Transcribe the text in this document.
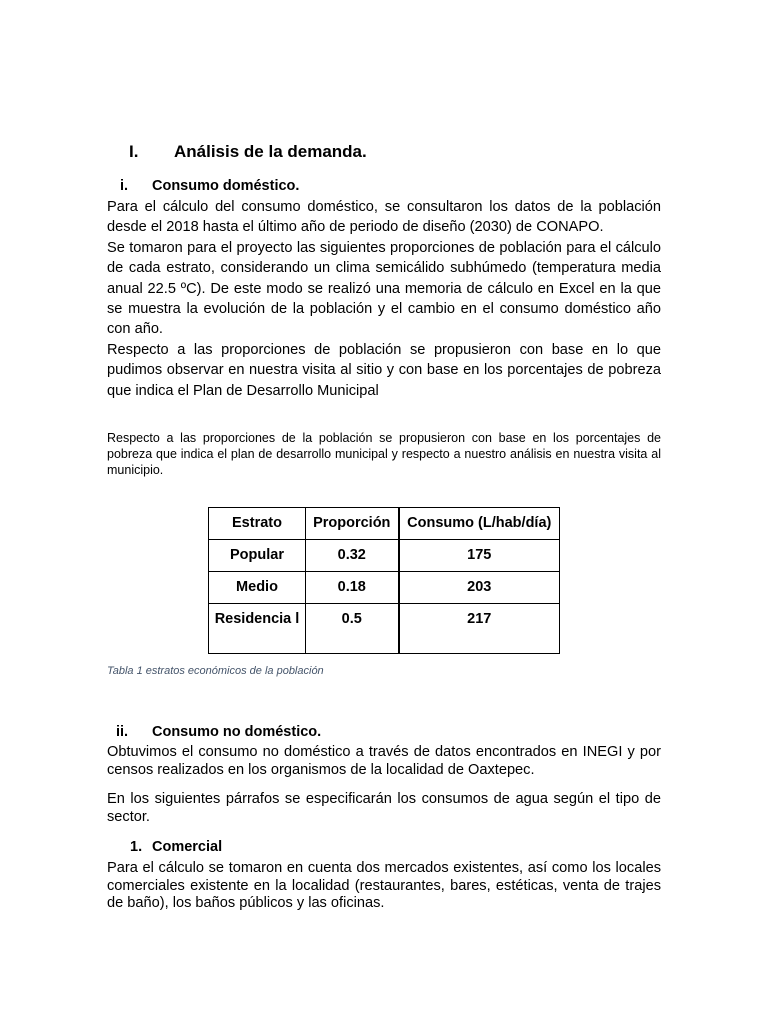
I. Análisis de la demanda.
i. Consumo doméstico.
Para el cálculo del consumo doméstico, se consultaron los datos de la población desde el 2018 hasta el último año de periodo de diseño (2030) de CONAPO.
Se tomaron para el proyecto las siguientes proporciones de población para el cálculo de cada estrato, considerando un clima semicálido subhúmedo (temperatura media anual 22.5 ºC). De este modo se realizó una memoria de cálculo en Excel en la que se muestra la evolución de la población y el cambio en el consumo doméstico año con año.
Respecto a las proporciones de población se propusieron con base en lo que pudimos observar en nuestra visita al sitio y con base en los porcentajes de pobreza que indica el Plan de Desarrollo Municipal
Respecto a las proporciones de la población se propusieron con base en los porcentajes de pobreza que indica el plan de desarrollo municipal y respecto a nuestro análisis en nuestra visita al municipio.
Estrato	Proporción	Consumo (L/hab/día)
Popular	0.32	175
Medio	0.18	203
Residencia l	0.5	217
Tabla 1 estratos económicos de la población
ii. Consumo no doméstico.
Obtuvimos el consumo no doméstico a través de datos encontrados en INEGI y por censos realizados en los organismos de la localidad de Oaxtepec.
En los siguientes párrafos se especificarán los consumos de agua según el tipo de sector.
1. Comercial
Para el cálculo se tomaron en cuenta dos mercados existentes, así como los locales comerciales existente en la localidad (restaurantes, bares, estéticas, venta de trajes de baño), los baños públicos y las oficinas.
